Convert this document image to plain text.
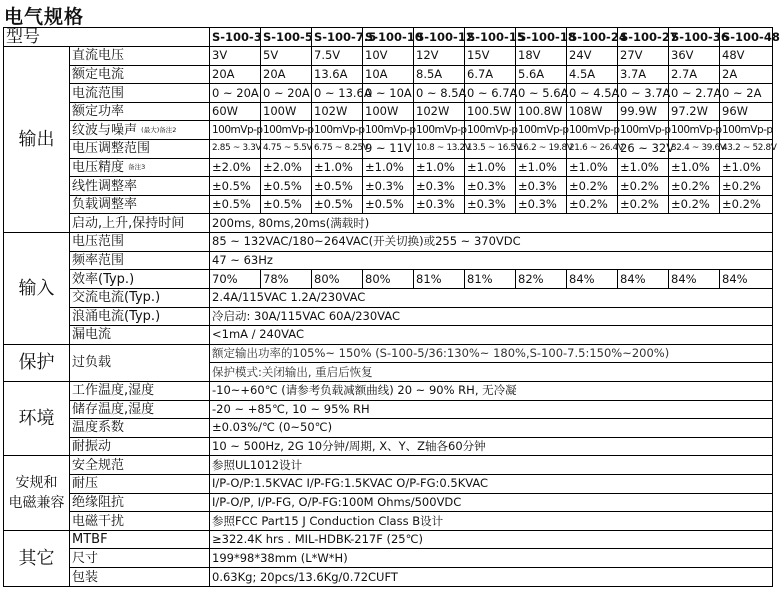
电气规格
型号		S-100-3	S-100-5	S-100-7.5	S-100-10	S-100-12	S-100-15	S-100-18	S-100-24	S-100-27	S-100-36	S-100-48
输出	直流电压	3V	5V	7.5V	10V	12V	15V	18V	24V	27V	36V	48V
	额定电流	20A	20A	13.6A	10A	8.5A	6.7A	5.6A	4.5A	3.7A	2.7A	2A
	电流范围	0 ~ 20A	0 ~ 20A	0 ~ 13.6A	0 ~ 10A	0 ~ 8.5A	0 ~ 6.7A	0 ~ 5.6A	0 ~ 4.5A	0 ~ 3.7A	0 ~ 2.7A	0 ~ 2A
	额定功率	60W	100W	102W	100W	102W	100.5W	100.8W	108W	99.9W	97.2W	96W
	纹波与噪声 (最大)备注2	100mVp-p	100mVp-p	100mVp-p	100mVp-p	100mVp-p	100mVp-p	100mVp-p	100mVp-p	100mVp-p	100mVp-p	100mVp-p
	电压调整范围	2.85 ~ 3.3V	4.75 ~ 5.5V	6.75 ~ 8.25V	9 ~ 11V	10.8 ~ 13.2V	13.5 ~ 16.5V	16.2 ~ 19.8V	21.6 ~ 26.4V	26 ~ 32V	32.4 ~ 39.6V	43.2 ~ 52.8V
	电压精度 备注3	±2.0%	±2.0%	±1.0%	±1.0%	±1.0%	±1.0%	±1.0%	±1.0%	±1.0%	±1.0%	±1.0%
	线性调整率	±0.5%	±0.5%	±0.5%	±0.3%	±0.3%	±0.3%	±0.3%	±0.2%	±0.2%	±0.2%	±0.2%
	负载调整率	±0.5%	±0.5%	±0.5%	±0.5%	±0.3%	±0.3%	±0.3%	±0.2%	±0.2%	±0.2%	±0.2%
	启动,上升,保持时间	200ms, 80ms,20ms(满载时)										
输入	电压范围	85 ~ 132VAC/180~264VAC(开关切换)或255 ~ 370VDC										
	频率范围	47 ~ 63Hz										
	效率(Typ.)	70%	78%	80%	80%	81%	81%	82%	84%	84%	84%	84%
	交流电流(Typ.)	2.4A/115VAC 1.2A/230VAC										
	浪涌电流(Typ.)	冷启动: 30A/115VAC 60A/230VAC										
	漏电流	<1mA / 240VAC										
保护	过负载	额定输出功率的105%~ 150% (S-100-5/36:130%~ 180%,S-100-7.5:150%~200%)										
		保护模式:关闭输出, 重启后恢复										
环境	工作温度,湿度	-10~+60℃ (请参考负载减额曲线) 20 ~ 90% RH, 无冷凝										
	储存温度,湿度	-20 ~ +85℃, 10 ~ 95% RH										
	温度系数	±0.03%/℃ (0~50℃)										
	耐振动	10 ~ 500Hz, 2G 10分钟/周期, X、Y、Z轴各60分钟										
安规和
电磁兼容	安全规范	参照UL1012设计										
	耐压	I/P-O/P:1.5KVAC I/P-FG:1.5KVAC O/P-FG:0.5KVAC										
	绝缘阻抗	I/P-O/P, I/P-FG, O/P-FG:100M Ohms/500VDC										
	电磁干扰	参照FCC Part15 J Conduction Class B设计										
其它	MTBF	≥322.4K hrs . MIL-HDBK-217F (25℃)										
	尺寸	199*98*38mm (L*W*H)										
	包装	0.63Kg; 20pcs/13.6Kg/0.72CUFT										
